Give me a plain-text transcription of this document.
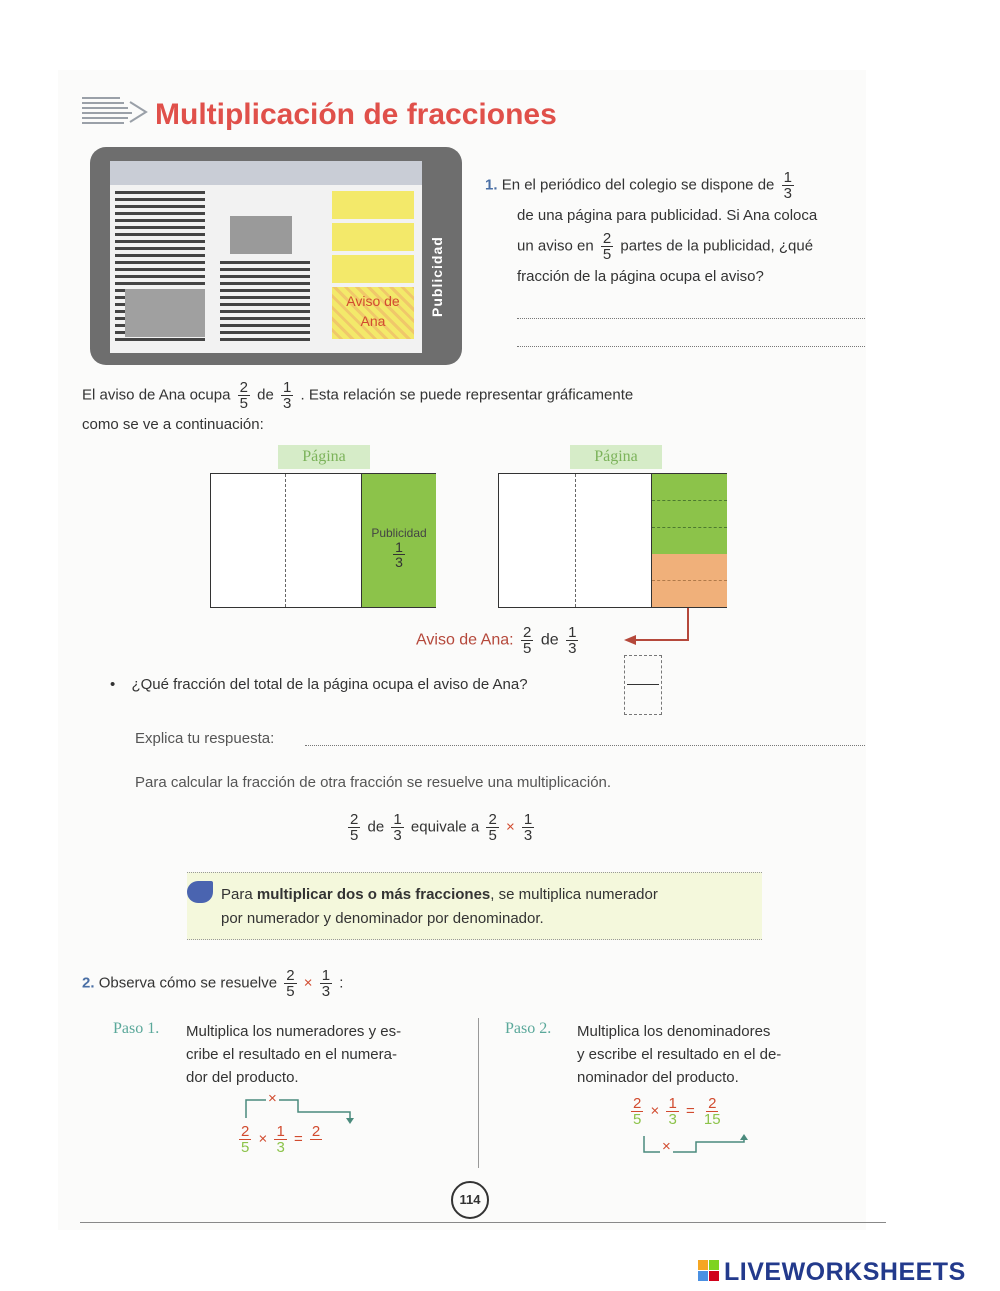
Multiplicación de fracciones
Aviso de
Ana
Publicidad
1. En el periódico del colegio se dispone de $\frac{1}{3}$
de una página para publicidad. Si Ana coloca
un aviso en $\frac{2}{5}$ partes de la publicidad, ¿qué
fracción de la página ocupa el aviso?
El aviso de Ana ocupa $\frac{2}{5}$ de $\frac{1}{3}$ . Esta relación se puede representar gráficamente
como se ve a continuación:
Página
Publicidad
$\frac{1}{3}$
Página
Aviso de Ana: $\frac{2}{5}$ de $\frac{1}{3}$
• ¿Qué fracción del total de la página ocupa el aviso de Ana?
Explica tu respuesta:
Para calcular la fracción de otra fracción se resuelve una multiplicación.
$\frac{2}{5}$ de $\frac{1}{3}$ equivale a $\frac{2}{5} \times \frac{1}{3}$
Para multiplicar dos o más fracciones, se multiplica numerador
por numerador y denominador por denominador.
2. Observa cómo se resuelve $\frac{2}{5} \times \frac{1}{3}$ :
Paso 1. Multiplica los numeradores y es-
cribe el resultado en el numera-
dor del producto.
×
$\frac{2}{5} \times \frac{1}{3} = 2$

Paso 2. Multiplica los denominadores
y escribe el resultado en el de-
nominador del producto.
$\frac{2}{5} \times \frac{1}{3} = \frac{2}{15}$
×
114
LIVEWORKSHEETS
